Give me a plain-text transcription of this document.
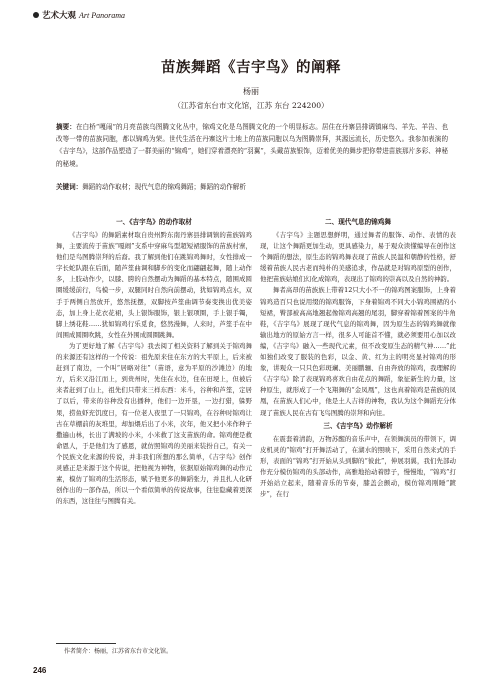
艺术大观 Art Panorama
苗族舞蹈《吉宇鸟》的阐释
杨丽
（江苏省东台市文化馆，江苏 东台 224200）
摘要：在白桥“嘎闹”的月亮苗族乌图腾文化丛中，锦鸡文化是乌图腾文化的一个明显标志。居住在丹寨县排调镇麻鸟、羊先、羊告、也改等一带的苗族同胞，都以锦鸡为荣。世代生活在丹寨这片土地上的苗族同胞以乌为图腾崇拜，其源远流长，历史悠久。我参加表演的《吉宇鸟》，这部作品塑造了一群美丽的“锦鸡”，她们穿着漂亮的“羽翼”，头戴苗族银饰，迈着优美的舞步把你带进苗族那片多彩、神秘的秘境。
关键词：舞蹈的动作取材；现代气息的锦鸡舞蹈；舞蹈的动作解析
一、《吉宇鸟》的动作取材

《吉宇鸟》的舞蹈素材取自贵州黔东南丹寨县排调镇的苗族锦鸡舞，主要流传于苗族“嘎闹”支系中穿麻鸟型超短裙服饰的苗族村寨，他们是鸟图腾崇拜的后裔。我了解到他们在跳锦鸡舞时，女性排成一字长蛇队跟在后面，随芦笙曲调和脚步的变化而翩翩起舞，随上动作多，上肢动作少，以膝、胯的自然摆动为舞蹈的基本特点，随围成圆圈缓缓前行，鸟模一步，双腿同时自然向前摆动，犹如锦鸡点水，双手于两侧自然放开，悠然抚摆，双脚按芦笙曲调节奏变换出优美姿态，加上身上花衣花裙，头上银饰服饰，银上银项圈，手上银手镯，脚上绣花鞋……犹如锦鸡行乐觅食，悠然漫舞，人来时，芦笙手在中间围成圆圈吹跳，女性在外围成圆圈跳舞。

为了更好地了解《吉宇鸟》我去阅了相关资料了解到关于锦鸡舞的来源还有这样的一个传说：祖先原来住在东方的大平原上，后来被赶到了南边，一个叫“居略对往”（苗语，意为平原的沙滩边）的地方，后来又沿江而上，到贵州时，先住在水边，住在田埂上，但被后来者赶到了山上，祖先们只带来三样东西：米斗，谷种和芦笙，定居了以后，带来的谷种没有出播种，他们一边开垦，一边打猎，躲野果，捞鱼虾充饥度日，有一位老人夜里了一只锦鸡，在谷种时锦鸡让古在草棚前的灰堆里，却加煨后出了小米，次年，他又把小米作种子撒遍山林，长出了满坡的小米，小米救了这支苗族的命。锦鸡便是救命恩人，于是他们为了感恩，就仿照锦鸡的美丽来装扮自己，有关一个民族文化来源的传说，并非我们所想的那么简单，《吉宇鸟》创作灵感正是来源于这个传说，把他视为神物，依据原始锦鸡舞的动作元素，模仿了锦鸡的生活形态，赋予他更多的舞蹈张力，并且扎人化研创作出的一部作品，所以一个看似简单的传说故事，往往隐藏着更深的东西，这往往与图腾有关。

二、现代气息的锦鸡舞

《吉宇鸟》主题思想鲜明，通过舞者的服饰、动作、表情的表现，让这个舞蹈更加生动，更具感染力，易于观众读懂编导在创作这个舞蹈的想法，原生态的锦鸡舞表现了苗族人民温和朝静的性格，舒缓着苗族人民古老而纯朴的美感追求，作品就是对锦鸡原型的创作，他把苗族姑娘们幻化成锦鸡，表现出了锦鸡的崇高以及自然的神韵。

舞者高昂的苗族族上带着12只大小不一的锦鸡图案服饰，上身着锦鸡造百只也说用缀的锦鸡服饰，下身着锦鸡不同大小锦鸡围裙的小短裙，臀部被高高地翘起像锦鸡高翘的尾羽，脚穿着锦着图案的牛角鞋，《吉宇鸟》展现了现代气息的锦鸡舞，因为原生态的锦鸡舞就像输出地方的原始方言一样，很多人可能首不懂，就必须要用心加以改编，《吉宇鸟》融入一些现代元素，但不改变原生态的精气神……”此如独们改变了服装的色彩，以金、黄、红为主的明亮显衬锦鸡的形象，讲观众一只只色彩斑斓、美丽鹏骊、自由奔放的锦鸡，我理解的《吉宇鸟》除了表现锦鸡喜欢自由花点的舞蹈，象征新生的力量，这种原生，就形成了一个飞翔舞的“金凤凰”，这也真着锦鸡是苗族的凤凰，在苗族人们心中，他是土人吉祥的神物，我认为这个舞蹈充分体现了苗族人民在古有飞鸟图腾的崇拜和向往。

三、《吉宇鸟》动作解析

在震套着清韵，万物苏醒的音乐声中，在领舞演员的带领下，调皮机灵的“锦鸡”打开舞活动了，在湖水的照映下，采用自然来式的手形，表面的“锦鸡”打开始从头到脚的“彼此”，伸展羽翼，我们先部动作充分模仿锦鸡的头部动作，高雅地抬动着脖子，慢慢地，“锦鸡”打开始站立起来，随着音乐的节奏，膝盖会颤动，模仿锦鸡刚睡“踱步”，在行

作者简介：杨丽，江苏省东台市文化馆。
246
